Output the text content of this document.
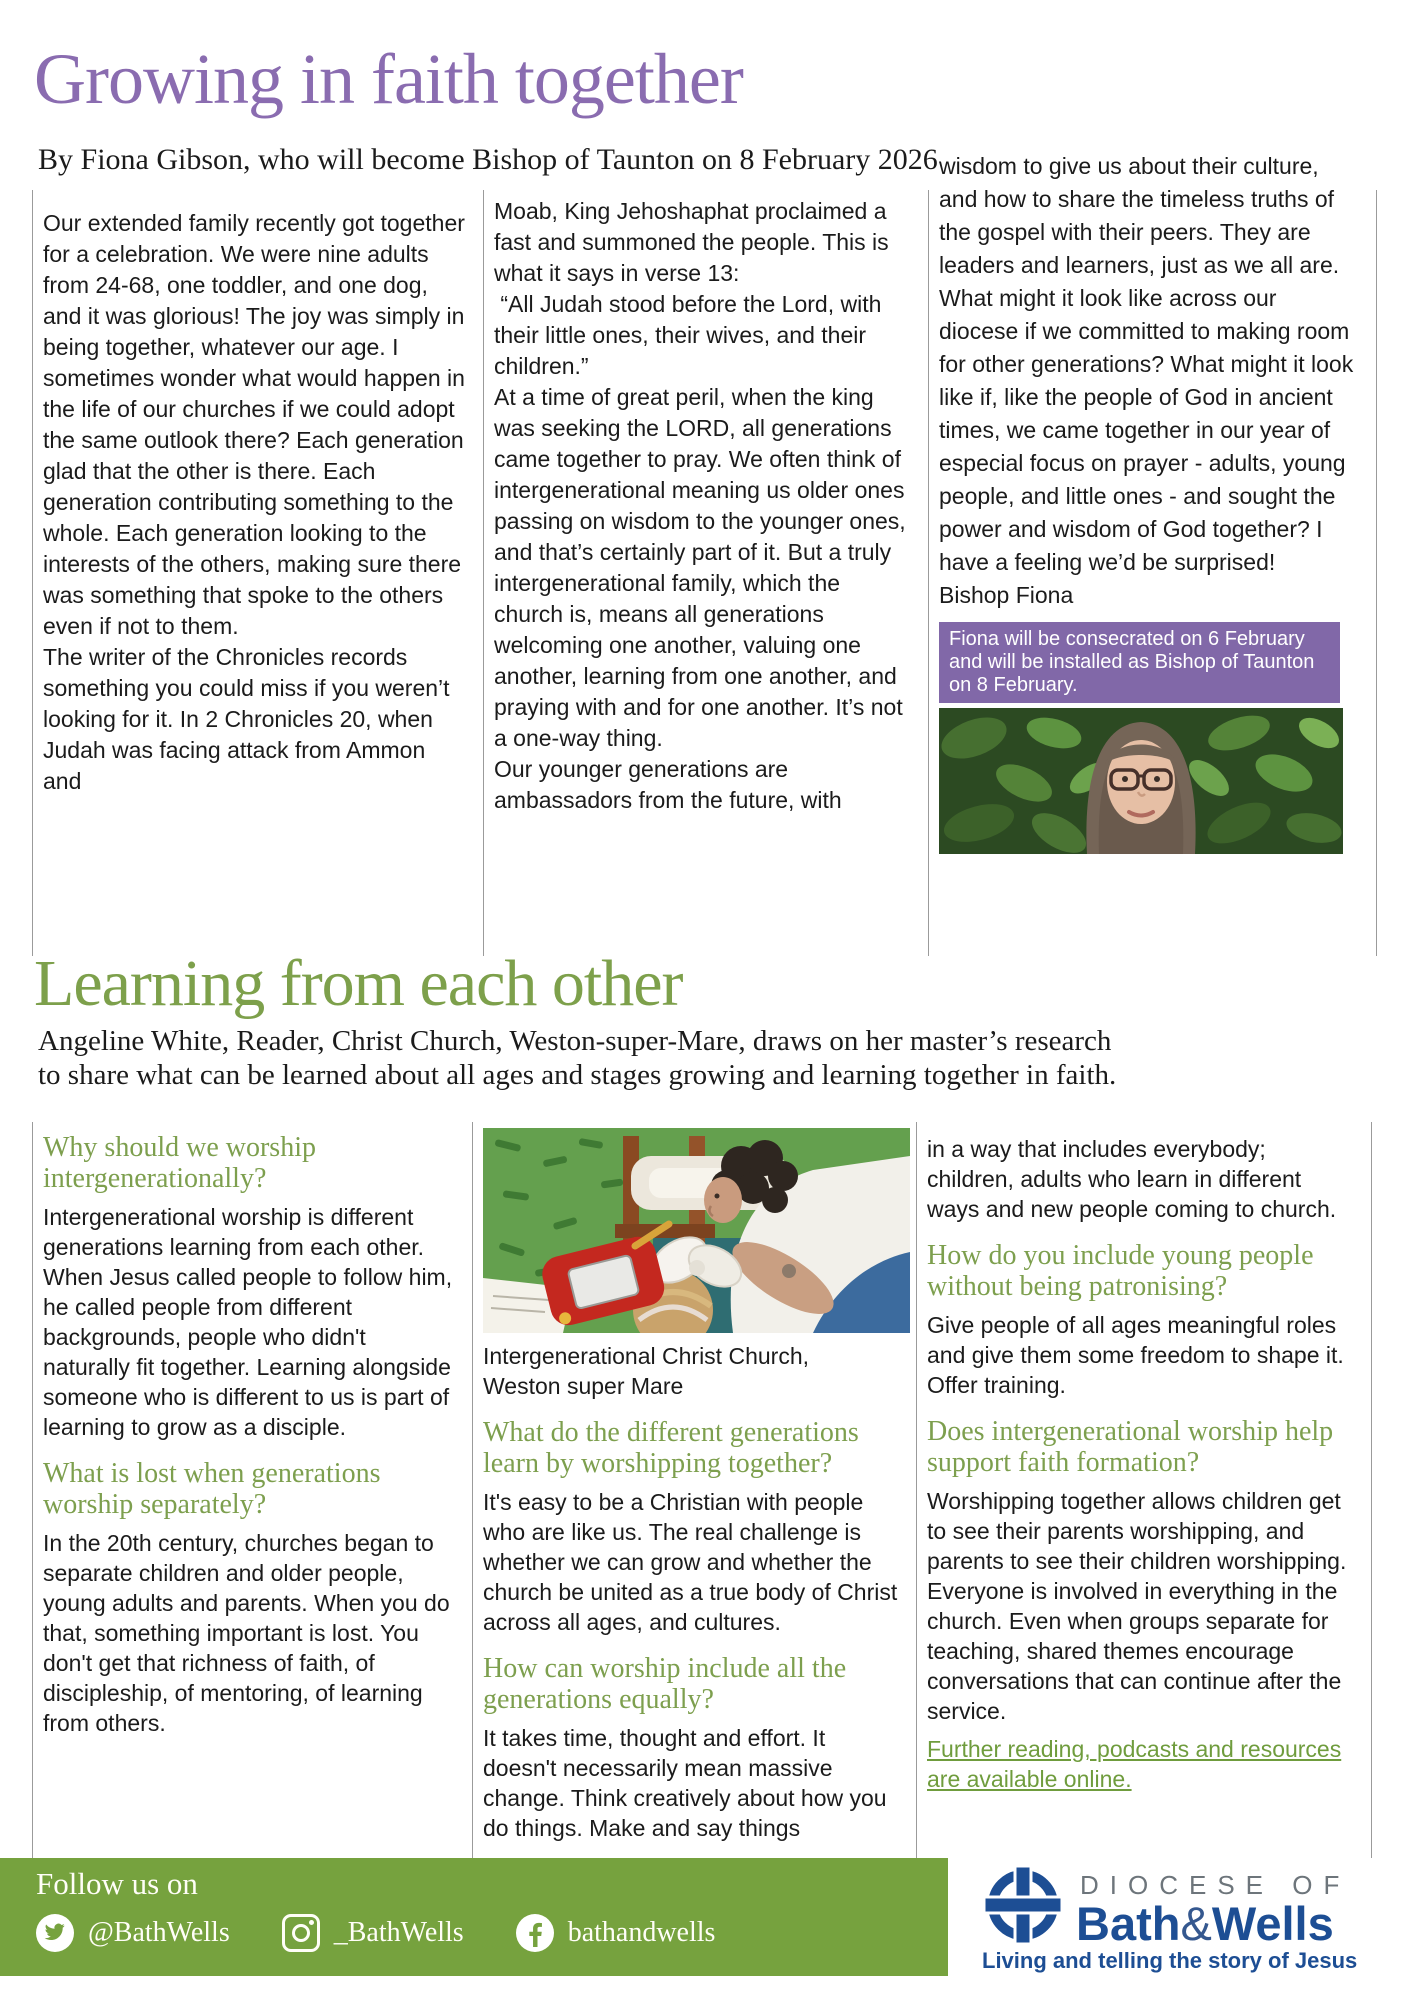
Growing in faith together
By Fiona Gibson, who will become Bishop of Taunton on 8 February 2026

Our extended family recently got together for a celebration. We were nine adults from 24-68, one toddler, and one dog, and it was glorious! The joy was simply in being together, whatever our age. I sometimes wonder what would happen in the life of our churches if we could adopt the same outlook there? Each generation glad that the other is there. Each generation contributing something to the whole. Each generation looking to the interests of the others, making sure there was something that spoke to the others even if not to them.

The writer of the Chronicles records something you could miss if you weren’t looking for it. In 2 Chronicles 20, when Judah was facing attack from Ammon and

Moab, King Jehoshaphat proclaimed a fast and summoned the people. This is what it says in verse 13:

“All Judah stood before the Lord, with their little ones, their wives, and their children.”

At a time of great peril, when the king was seeking the LORD, all generations came together to pray. We often think of intergenerational meaning us older ones passing on wisdom to the younger ones, and that’s certainly part of it. But a truly intergenerational family, which the church is, means all generations welcoming one another, valuing one another, learning from one another, and praying with and for one another. It’s not a one-way thing.

Our younger generations are ambassadors from the future, with

wisdom to give us about their culture, and how to share the timeless truths of the gospel with their peers. They are leaders and learners, just as we all are.

What might it look like across our diocese if we committed to making room for other generations? What might it look like if, like the people of God in ancient times, we came together in our year of especial focus on prayer - adults, young people, and little ones - and sought the power and wisdom of God together? I have a feeling we’d be surprised!

Bishop Fiona

Fiona will be consecrated on 6 February and will be installed as Bishop of Taunton on 8 February.
Learning from each other
Angeline White, Reader, Christ Church, Weston-super-Mare, draws on her master’s research to share what can be learned about all ages and stages growing and learning together in faith.
Why should we worship intergenerationally?

Intergenerational worship is different generations learning from each other. When Jesus called people to follow him, he called people from different backgrounds, people who didn't naturally fit together. Learning alongside someone who is different to us is part of learning to grow as a disciple.

What is lost when generations worship separately?

In the 20th century, churches began to separate children and older people, young adults and parents. When you do that, something important is lost. You don't get that richness of faith, of discipleship, of mentoring, of learning from others.

Intergenerational Christ Church,
Weston super Mare

What do the different generations learn by worshipping together?

It's easy to be a Christian with people who are like us. The real challenge is whether we can grow and whether the church be united as a true body of Christ across all ages, and cultures.

How can worship include all the generations equally?

It takes time, thought and effort. It doesn't necessarily mean massive change. Think creatively about how you do things. Make and say things

in a way that includes everybody; children, adults who learn in different ways and new people coming to church.

How do you include young people without being patronising?

Give people of all ages meaningful roles and give them some freedom to shape it. Offer training.

Does intergenerational worship help support faith formation?

Worshipping together allows children get to see their parents worshipping, and parents to see their children worshipping. Everyone is involved in everything in the church. Even when groups separate for teaching, shared themes encourage conversations that can continue after the service.

Further reading, podcasts and resources are available online.
Follow us on
@BathWells	_BathWells	bathandwells
DIOCESE OF
Bath&Wells
Living and telling the story of Jesus
